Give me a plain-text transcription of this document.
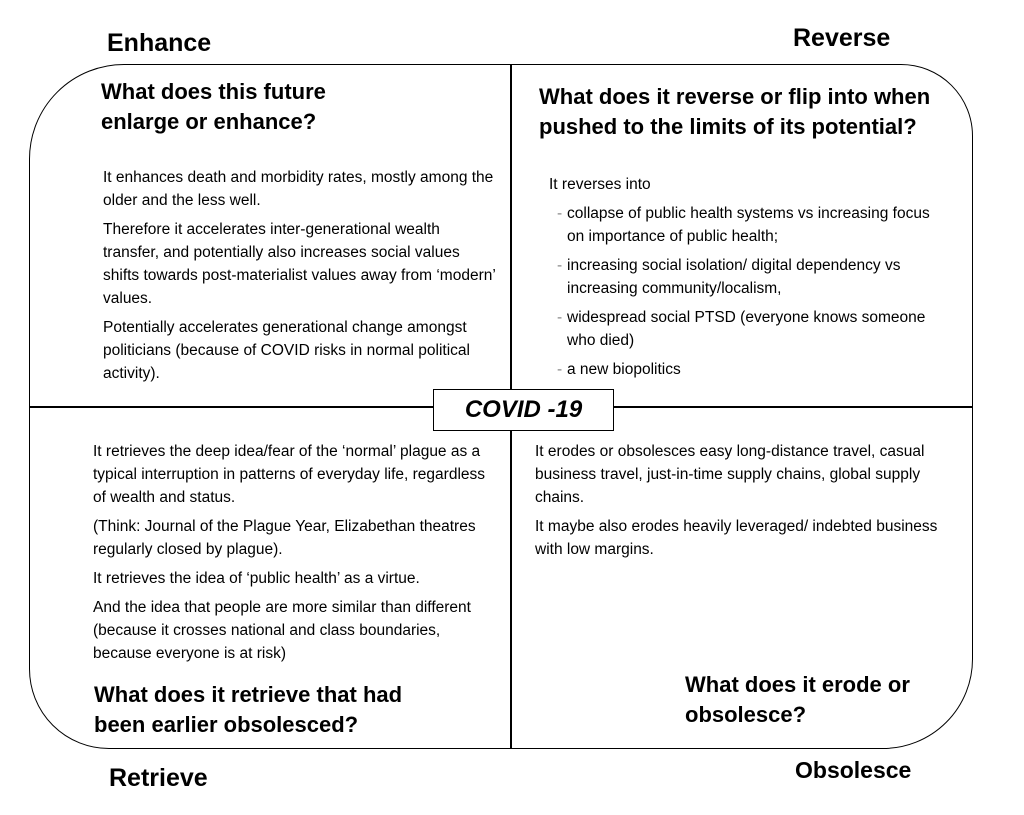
Enhance	Reverse
Retrieve	Obsolesce
What does this future
enlarge or enhance?

It enhances death and morbidity rates, mostly among the older and the less well.

Therefore it accelerates inter-generational wealth transfer, and potentially also increases social values shifts towards post-materialist values away from ‘modern’ values.

Potentially accelerates generational change amongst politicians (because of COVID risks in normal political activity).

What does it reverse or flip into when
pushed to the limits of its potential?
It reverses into
- collapse of public health systems vs increasing focus on importance of public health;
- increasing social isolation/ digital dependency vs increasing community/localism,
- widespread social PTSD (everyone knows someone who died)
- a new biopolitics

It retrieves the deep idea/fear of the ‘normal’ plague as a typical interruption in patterns of everyday life, regardless of wealth and status.

(Think: Journal of the Plague Year, Elizabethan theatres regularly closed by plague).

It retrieves the idea of ‘public health’ as a virtue.

And the idea that people are more similar than different (because it crosses national and class boundaries, because everyone is at risk)

What does it retrieve that had
been earlier obsolesced?

It erodes or obsolesces easy long-distance travel, casual business travel, just-in-time supply chains, global supply chains.

It maybe also erodes heavily leveraged/ indebted business with low margins.

What does it erode or
obsolesce?
COVID -19
